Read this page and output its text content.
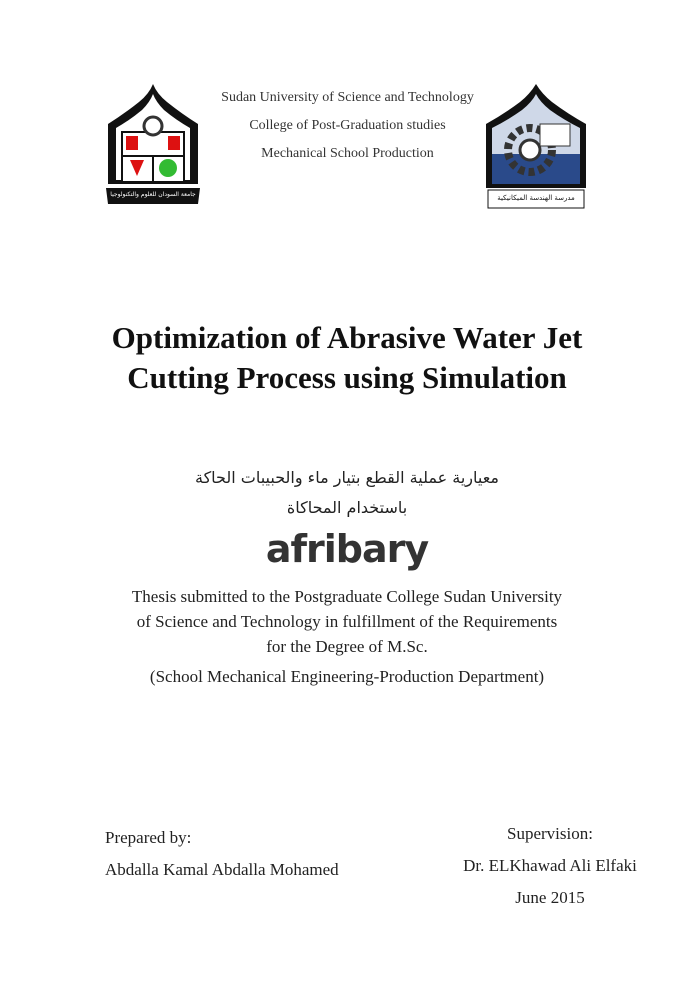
جامعة السودان للعلوم والتكنولوجيا
Sudan University of Science and Technology
College of Post-Graduation studies
Mechanical School Production
مدرسة الهندسة الميكانيكية
Optimization of Abrasive Water Jet
Cutting Process using Simulation
معيارية عملية القطع بتيار ماء والحبيبات الحاكة
باستخدام المحاكاة
afribary
Thesis submitted to the Postgraduate College Sudan University
of Science and Technology in fulfillment of the Requirements
for the Degree of M.Sc.
(School Mechanical Engineering-Production Department)
Prepared by:
Abdalla Kamal Abdalla Mohamed
Supervision:
Dr. ELKhawad Ali Elfaki
June 2015
